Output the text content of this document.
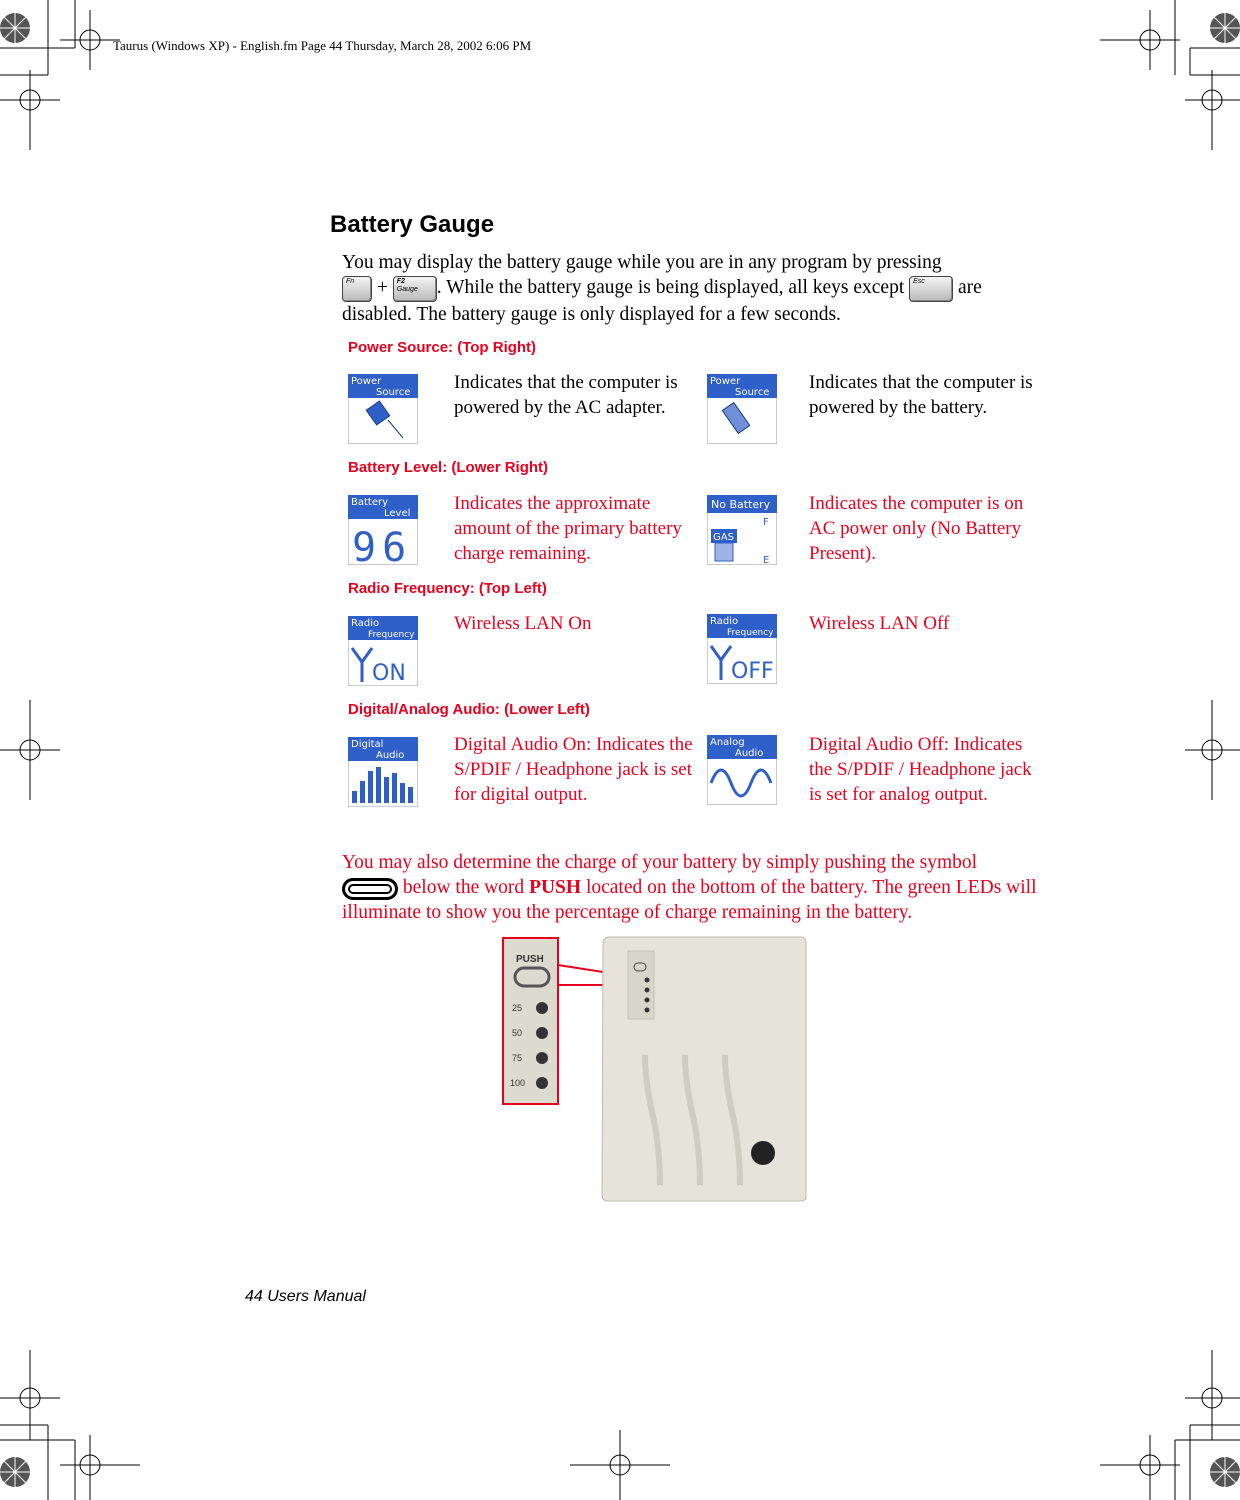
Taurus (Windows XP) - English.fm Page 44 Thursday, March 28, 2002 6:06 PM
Battery Gauge
You may display the battery gauge while you are in any program by pressing

Fn + F2
Gauge . While the battery gauge is being displayed, all keys except Esc are disabled. The battery gauge is only displayed for a few seconds.
Power Source: (Top Right)
Power
Source Indicates that the computer is powered by the AC adapter.
Power
Source Indicates that the computer is powered by the battery.
Battery Level: (Lower Right)
Battery
Level
96
Indicates the approximate amount of the primary battery charge remaining.
No Battery
GAS
F
E
Indicates the computer is on AC power only (No Battery Present).
Radio Frequency: (Top Left)
Radio
Frequency
ON
Wireless LAN On	Radio
Frequency
OFF
Wireless LAN Off
Digital/Analog Audio: (Lower Left)
Digital
Audio
Digital Audio On: Indicates the S/PDIF / Headphone jack is set for digital output.
Analog
Audio Digital Audio Off: Indicates the S/PDIF / Headphone jack is set for analog output.
You may also determine the charge of your battery by simply pushing the symbol
below the word PUSH located on the bottom of the battery. The green LEDs will illuminate to show you the percentage of charge remaining in the battery.
PUSH
25
50
75
100
44 Users Manual
